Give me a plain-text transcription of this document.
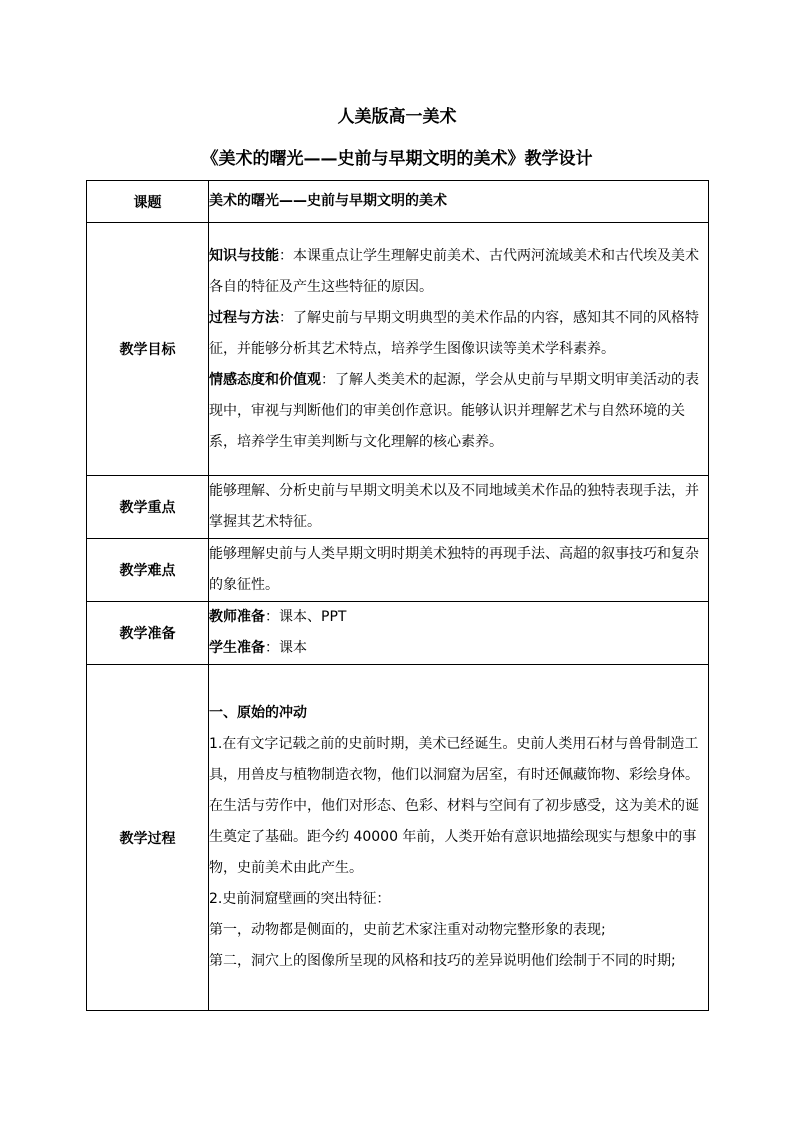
人美版高一美术
《美术的曙光——史前与早期文明的美术》教学设计
课题	美术的曙光——史前与早期文明的美术
教学目标	知识与技能：本课重点让学生理解史前美术、古代两河流域美术和古代埃及美术各自的特征及产生这些特征的原因。

过程与方法：了解史前与早期文明典型的美术作品的内容，感知其不同的风格特征，并能够分析其艺术特点，培养学生图像识读等美术学科素养。

情感态度和价值观：了解人类美术的起源，学会从史前与早期文明审美活动的表现中，审视与判断他们的审美创作意识。能够认识并理解艺术与自然环境的关系，培养学生审美判断与文化理解的核心素养。

教学重点	能够理解、分析史前与早期文明美术以及不同地域美术作品的独特表现手法，并掌握其艺术特征。
教学难点	能够理解史前与人类早期文明时期美术独特的再现手法、高超的叙事技巧和复杂的象征性。
教学准备	教师准备：课本、PPT

学生准备：课本

教学过程	一、原始的冲动

1.在有文字记载之前的史前时期，美术已经诞生。史前人类用石材与兽骨制造工具，用兽皮与植物制造衣物，他们以洞窟为居室，有时还佩藏饰物、彩绘身体。在生活与劳作中，他们对形态、色彩、材料与空间有了初步感受，这为美术的诞生奠定了基础。距今约 40000 年前，人类开始有意识地描绘现实与想象中的事物，史前美术由此产生。

2.史前洞窟壁画的突出特征：

第一，动物都是侧面的，史前艺术家注重对动物完整形象的表现;

第二，洞穴上的图像所呈现的风格和技巧的差异说明他们绘制于不同的时期;
